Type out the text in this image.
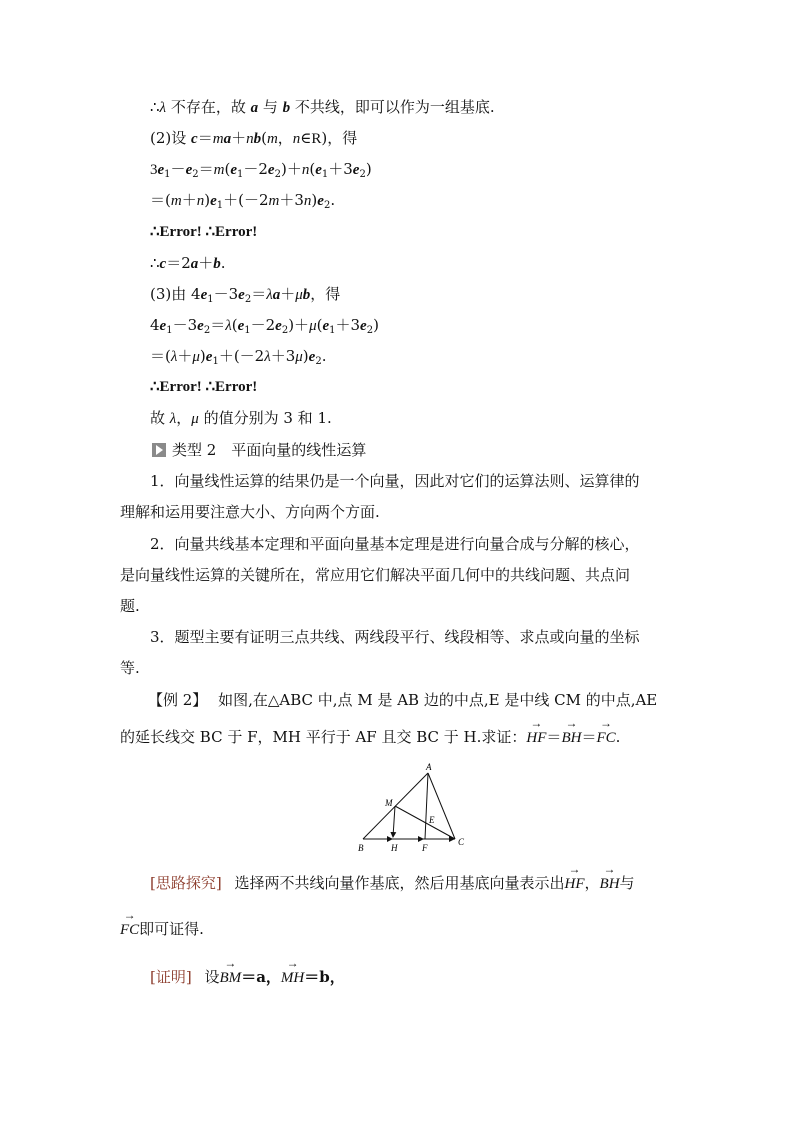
∴λ 不存在，故 a 与 b 不共线，即可以作为一组基底.
(2)设 c＝ma＋nb(m，n∈R)，得
$3e_1-e_2=m(e_1-2e_2)+n(e_1+3e_2)$
$=(m+n)e_1+(-2m+3n)e_2$.
∴Error! ∴Error!
∴c＝2a＋b.
(3)由 $4e_1-3e_2=\lambda a+\mu b$，得
$4e_1-3e_2=\lambda(e_1-2e_2)+\mu(e_1+3e_2)$
$=(\lambda+\mu)e_1+(-2\lambda+3\mu)e_2$.
∴Error! ∴Error!
故 λ，μ 的值分别为 3 和 1.
类型 2　平面向量的线性运算
1．向量线性运算的结果仍是一个向量，因此对它们的运算法则、运算律的
理解和运用要注意大小、方向两个方面.
2．向量共线基本定理和平面向量基本定理是进行向量合成与分解的核心，
是向量线性运算的关键所在，常应用它们解决平面几何中的共线问题、共点问
题.
3．题型主要有证明三点共线、两线段平行、线段相等、求点或向量的坐标
等.
【例 2】 如图,在△ABC 中,点 M 是 AB 边的中点,E 是中线 CM 的中点,AE
的延长线交 BC 于 F，MH 平行于 AF 且交 BC 于 H.求证：→ HF＝→ BH＝→ FC.
A
M
E
B	H	F
C
[思路探究] 选择两不共线向量作基底，然后用基底向量表示出→ HF，→ BH与
→ FC即可证得.
[证明] 设→ BM＝a，→ MH＝b，
